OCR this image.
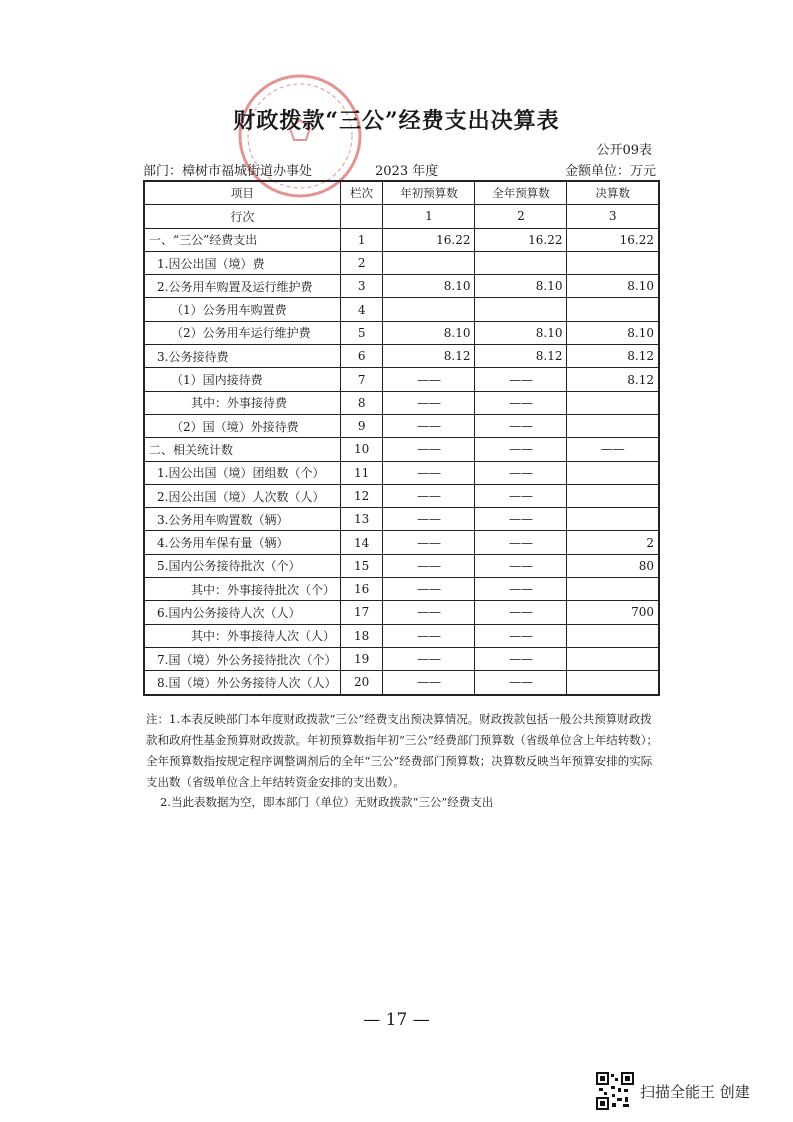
财政拨款“三公”经费支出决算表
公开09表
部门：樟树市福城街道办事处	2023 年度	金额单位：万元
项目	栏次	年初预算数	全年预算数	决算数
行次		1	2	3
一、“三公”经费支出	1	16.22	16.22	16.22
1.因公出国（境）费	2			
2.公务用车购置及运行维护费	3	8.10	8.10	8.10
（1）公务用车购置费	4			
（2）公务用车运行维护费	5	8.10	8.10	8.10
3.公务接待费	6	8.12	8.12	8.12
（1）国内接待费	7	——	——	8.12
其中：外事接待费	8	——	——	
（2）国（境）外接待费	9	——	——	
二、相关统计数	10	——	——	——
1.因公出国（境）团组数（个）	11	——	——	
2.因公出国（境）人次数（人）	12	——	——	
3.公务用车购置数（辆）	13	——	——	
4.公务用车保有量（辆）	14	——	——	2
5.国内公务接待批次（个）	15	——	——	80
其中：外事接待批次（个）	16	——	——	
6.国内公务接待人次（人）	17	——	——	700
其中：外事接待人次（人）	18	——	——	
7.国（境）外公务接待批次（个）	19	——	——	
8.国（境）外公务接待人次（人）	20	——	——	
注：1.本表反映部门本年度财政拨款“三公”经费支出预决算情况。财政拨款包括一般公共预算财政拨款和政府性基金预算财政拨款。年初预算数指年初“三公”经费部门预算数（省级单位含上年结转数）；全年预算数指按规定程序调整调剂后的全年“三公”经费部门预算数；决算数反映当年预算安排的实际支出数（省级单位含上年结转资金安排的支出数）。
2.当此表数据为空，即本部门（单位）无财政拨款“三公”经费支出
— 17 —
扫描全能王 创建
